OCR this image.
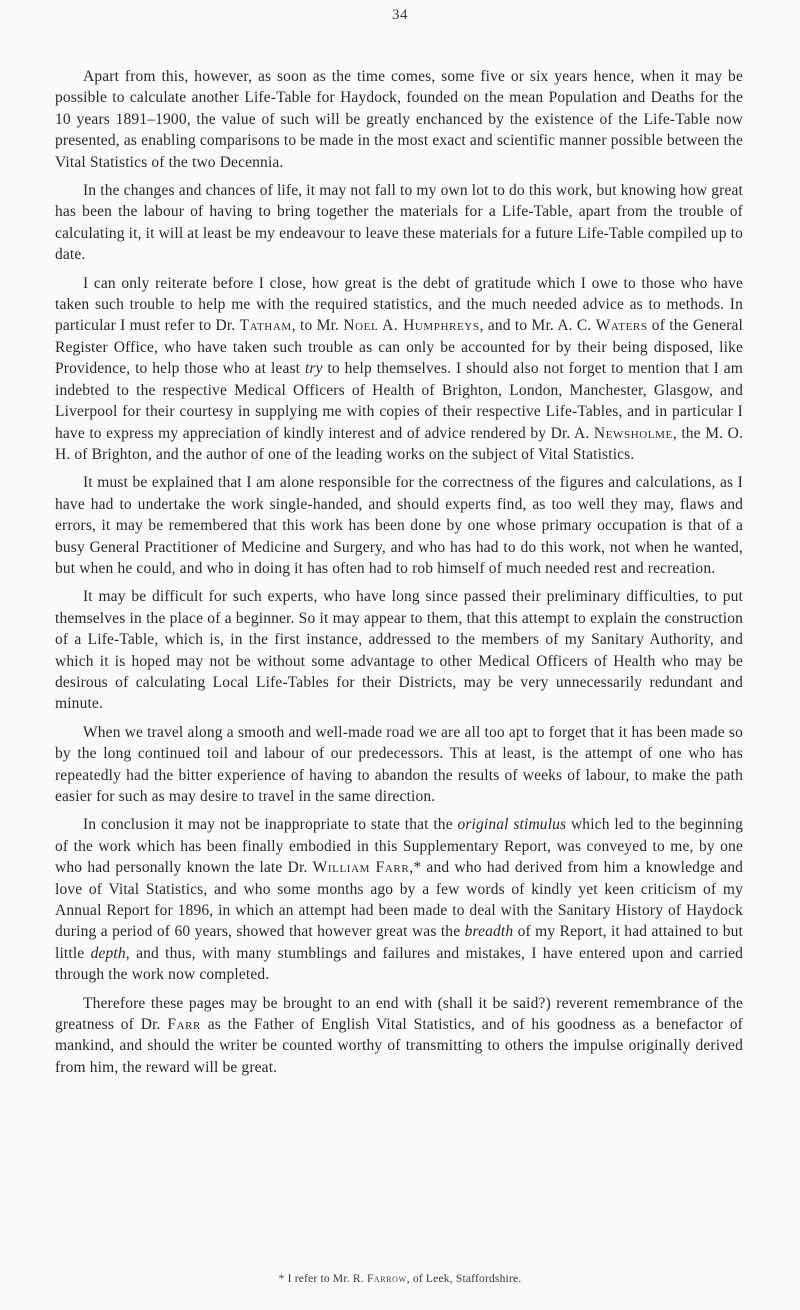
34

Apart from this, however, as soon as the time comes, some five or six years hence, when it may be possible to calculate another Life-Table for Haydock, founded on the mean Population and Deaths for the 10 years 1891–1900, the value of such will be greatly enchanced by the existence of the Life-Table now presented, as enabling comparisons to be made in the most exact and scientific manner possible between the Vital Statistics of the two Decennia.

In the changes and chances of life, it may not fall to my own lot to do this work, but knowing how great has been the labour of having to bring together the materials for a Life-Table, apart from the trouble of calculating it, it will at least be my endeavour to leave these materials for a future Life-Table compiled up to date.

I can only reiterate before I close, how great is the debt of gratitude which I owe to those who have taken such trouble to help me with the required statistics, and the much needed advice as to methods. In particular I must refer to Dr. Tatham, to Mr. Noel A. Humphreys, and to Mr. A. C. Waters of the General Register Office, who have taken such trouble as can only be accounted for by their being disposed, like Providence, to help those who at least try to help themselves. I should also not forget to mention that I am indebted to the respective Medical Officers of Health of Brighton, London, Manchester, Glasgow, and Liverpool for their courtesy in supplying me with copies of their respective Life-Tables, and in particular I have to express my appreciation of kindly interest and of advice rendered by Dr. A. Newsholme, the M. O. H. of Brighton, and the author of one of the leading works on the subject of Vital Statistics.

It must be explained that I am alone responsible for the correctness of the figures and calculations, as I have had to undertake the work single-handed, and should experts find, as too well they may, flaws and errors, it may be remembered that this work has been done by one whose primary occupation is that of a busy General Practitioner of Medicine and Surgery, and who has had to do this work, not when he wanted, but when he could, and who in doing it has often had to rob himself of much needed rest and recreation.

It may be difficult for such experts, who have long since passed their preliminary difficulties, to put themselves in the place of a beginner. So it may appear to them, that this attempt to explain the construction of a Life-Table, which is, in the first instance, addressed to the members of my Sanitary Authority, and which it is hoped may not be without some advantage to other Medical Officers of Health who may be desirous of calculating Local Life-Tables for their Districts, may be very unnecessarily redundant and minute.

When we travel along a smooth and well-made road we are all too apt to forget that it has been made so by the long continued toil and labour of our predecessors. This at least, is the attempt of one who has repeatedly had the bitter experience of having to abandon the results of weeks of labour, to make the path easier for such as may desire to travel in the same direction.

In conclusion it may not be inappropriate to state that the original stimulus which led to the beginning of the work which has been finally embodied in this Supplementary Report, was conveyed to me, by one who had personally known the late Dr. William Farr,* and who had derived from him a knowledge and love of Vital Statistics, and who some months ago by a few words of kindly yet keen criticism of my Annual Report for 1896, in which an attempt had been made to deal with the Sanitary History of Haydock during a period of 60 years, showed that however great was the breadth of my Report, it had attained to but little depth, and thus, with many stumblings and failures and mistakes, I have entered upon and carried through the work now completed.

Therefore these pages may be brought to an end with (shall it be said?) reverent remembrance of the greatness of Dr. Farr as the Father of English Vital Statistics, and of his goodness as a benefactor of mankind, and should the writer be counted worthy of transmitting to others the impulse originally derived from him, the reward will be great.

* I refer to Mr. R. Farrow, of Leek, Staffordshire.
